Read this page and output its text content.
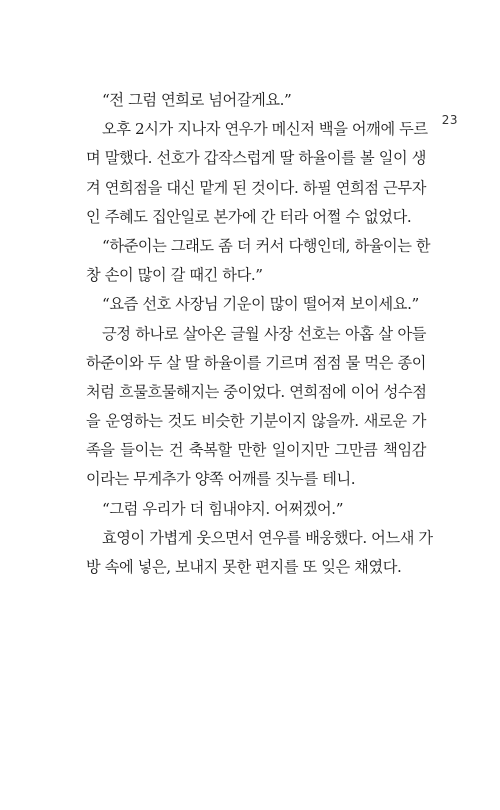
23
“전 그럼 연희로 넘어갈게요.”
오후 2시가 지나자 연우가 메신저 백을 어깨에 두르
며 말했다. 선호가 갑작스럽게 딸 하율이를 볼 일이 생
겨 연희점을 대신 맡게 된 것이다. 하필 연희점 근무자
인 주혜도 집안일로 본가에 간 터라 어쩔 수 없었다.
“하준이는 그래도 좀 더 커서 다행인데, 하율이는 한
창 손이 많이 갈 때긴 하다.”
“요즘 선호 사장님 기운이 많이 떨어져 보이세요.”
긍정 하나로 살아온 글월 사장 선호는 아홉 살 아들
하준이와 두 살 딸 하율이를 기르며 점점 물 먹은 종이
처럼 흐물흐물해지는 중이었다. 연희점에 이어 성수점
을 운영하는 것도 비슷한 기분이지 않을까. 새로운 가
족을 들이는 건 축복할 만한 일이지만 그만큼 책임감
이라는 무게추가 양쪽 어깨를 짓누를 테니.
“그럼 우리가 더 힘내야지. 어쩌겠어.”
효영이 가볍게 웃으면서 연우를 배웅했다. 어느새 가
방 속에 넣은, 보내지 못한 편지를 또 잊은 채였다.
